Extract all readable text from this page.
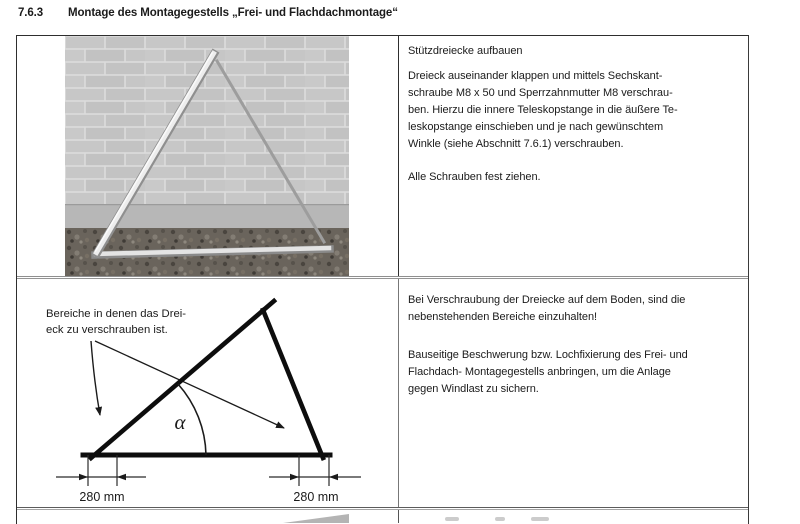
7.6.3	Montage des Montagegestells „Frei- und Flachdachmontage“
Stützdreiecke aufbauen
Dreieck auseinander klappen und mittels Sechskant-
schraube M8 x 50 und Sperrzahnmutter M8 verschrau-
ben. Hierzu die innere Teleskopstange in die äußere Te-
leskopstange einschieben und je nach gewünschtem
Winkle (siehe Abschnitt 7.6.1) verschrauben.
Alle Schrauben fest ziehen.
Bereiche in denen das Drei-
eck zu verschrauben ist.
α
280 mm	280 mm
Bei Verschraubung der Dreiecke auf dem Boden, sind die
nebenstehenden Bereiche einzuhalten!
Bauseitige Beschwerung bzw. Lochfixierung des Frei- und
Flachdach- Montagegestells anbringen, um die Anlage
gegen Windlast zu sichern.
